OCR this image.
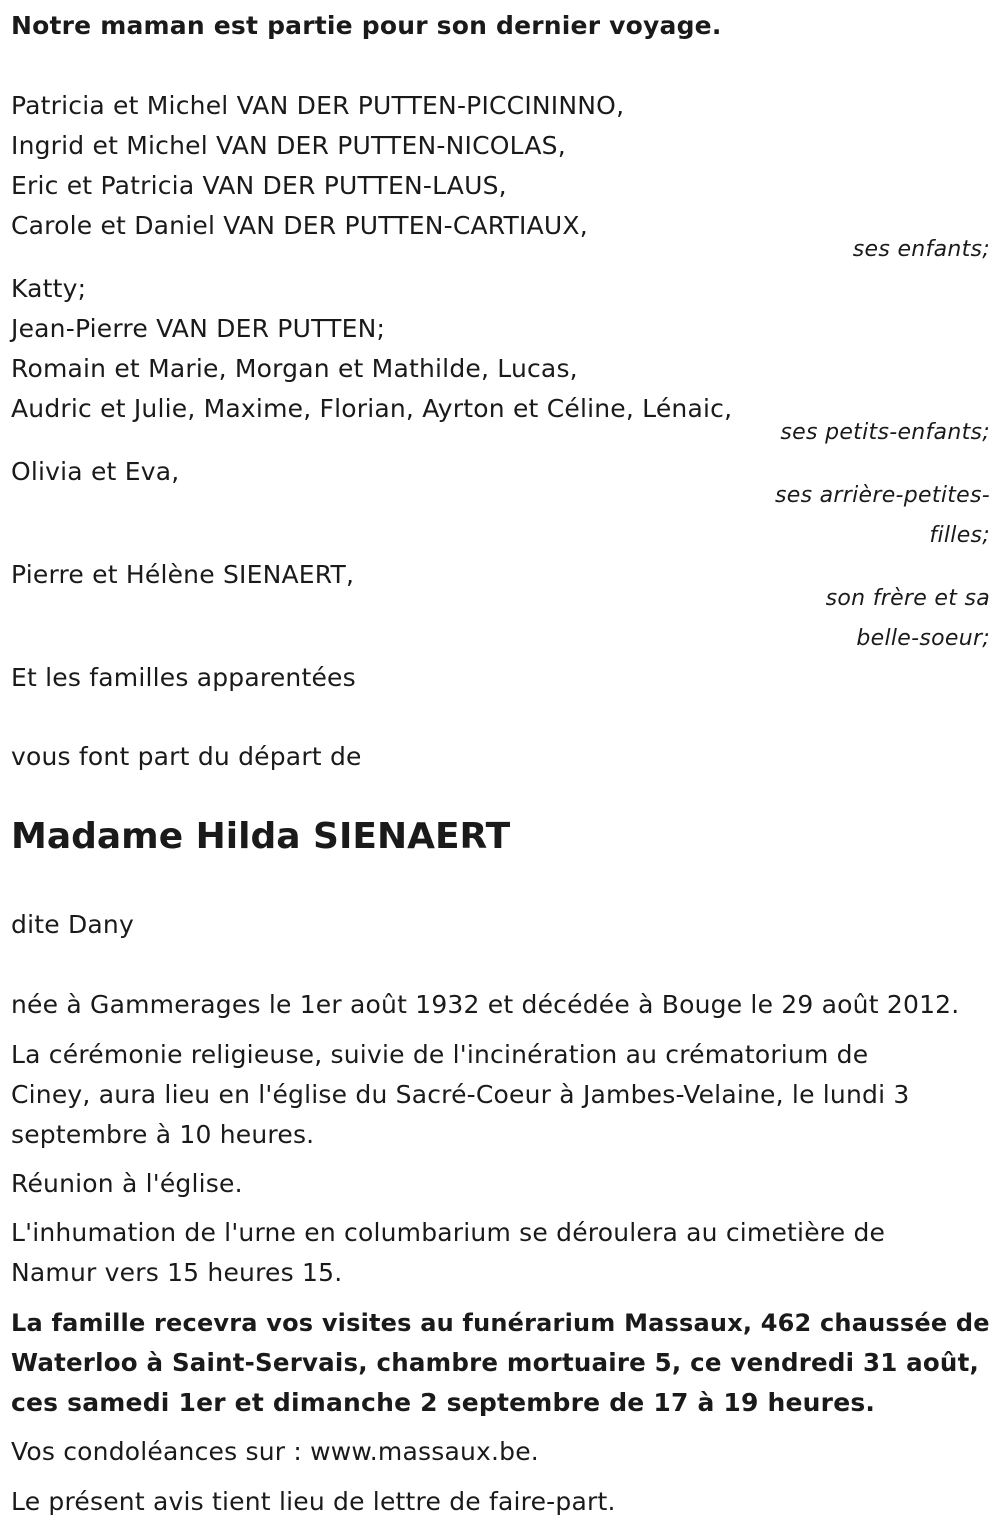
Notre maman est partie pour son dernier voyage.
Patricia et Michel VAN DER PUTTEN-PICCININNO,
Ingrid et Michel VAN DER PUTTEN-NICOLAS,
Eric et Patricia VAN DER PUTTEN-LAUS,
Carole et Daniel VAN DER PUTTEN-CARTIAUX,
ses enfants;
Katty;
Jean-Pierre VAN DER PUTTEN;
Romain et Marie, Morgan et Mathilde, Lucas,
Audric et Julie, Maxime, Florian, Ayrton et Céline, Lénaic,
ses petits-enfants;
Olivia et Eva,
ses arrière-petites-
filles;
Pierre et Hélène SIENAERT,
son frère et sa
belle-soeur;
Et les familles apparentées
vous font part du départ de
Madame Hilda SIENAERT
dite Dany
née à Gammerages le 1er août 1932 et décédée à Bouge le 29 août 2012.
La cérémonie religieuse, suivie de l'incinération au crématorium de
Ciney, aura lieu en l'église du Sacré-Coeur à Jambes-Velaine, le lundi 3
septembre à 10 heures.
Réunion à l'église.
L'inhumation de l'urne en columbarium se déroulera au cimetière de
Namur vers 15 heures 15.
La famille recevra vos visites au funérarium Massaux, 462 chaussée de
Waterloo à Saint-Servais, chambre mortuaire 5, ce vendredi 31 août,
ces samedi 1er et dimanche 2 septembre de 17 à 19 heures.
Vos condoléances sur : www.massaux.be.
Le présent avis tient lieu de lettre de faire-part.
